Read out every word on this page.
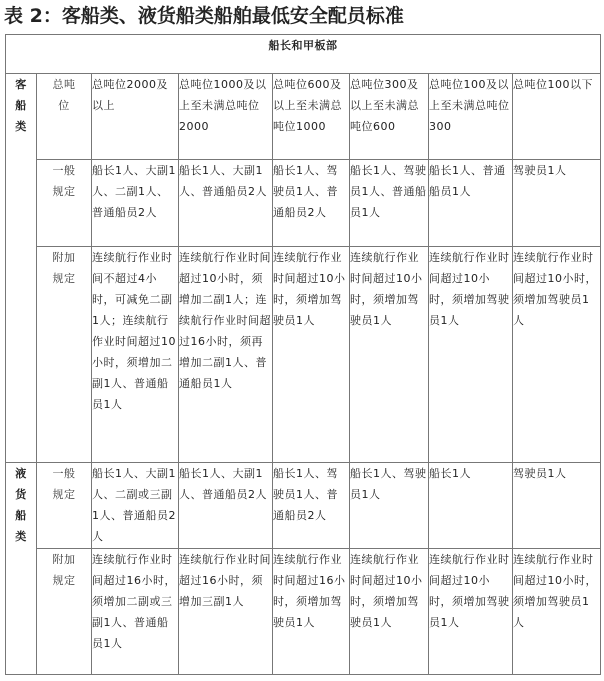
表 2：客船类、液货船类船舶最低安全配员标准
船长和甲板部							

客船类	总吨位	总吨位2000及以上	总吨位1000及以上至未满总吨位2000	总吨位600及以上至未满总吨位1000	总吨位300及以上至未满总吨位600	总吨位100及以上至未满总吨位300	总吨位100以下

	一般规定	船长1人、大副1人、二副1人、普通船员2人	船长1人、大副1人、普通船员2人	船长1人、驾驶员1人、普通船员2人	船长1人、驾驶员1人、普通船员1人	船长1人、普通船员1人	驾驶员1人

	附加规定	连续航行作业时间不超过4小时，可减免二副1人；连续航行作业时间超过10小时，须增加二副1人、普通船员1人	连续航行作业时间超过10小时，须增加二副1人；连续航行作业时间超过16小时，须再增加二副1人、普通船员1人	连续航行作业时间超过10小时，须增加驾驶员1人	连续航行作业时间超过10小时，须增加驾驶员1人	连续航行作业时间超过10小时，须增加驾驶员1人	连续航行作业时间超过10小时，须增加驾驶员1人

液货船类	一般规定	船长1人、大副1人、二副或三副1人、普通船员2人	船长1人、大副1人、普通船员2人	船长1人、驾驶员1人、普通船员2人	船长1人、驾驶员1人	船长1人	驾驶员1人

	附加规定	连续航行作业时间超过16小时，须增加二副或三副1人、普通船员1人	连续航行作业时间超过16小时，须增加三副1人	连续航行作业时间超过16小时，须增加驾驶员1人	连续航行作业时间超过10小时，须增加驾驶员1人	连续航行作业时间超过10小时，须增加驾驶员1人	连续航行作业时间超过10小时，须增加驾驶员1人
